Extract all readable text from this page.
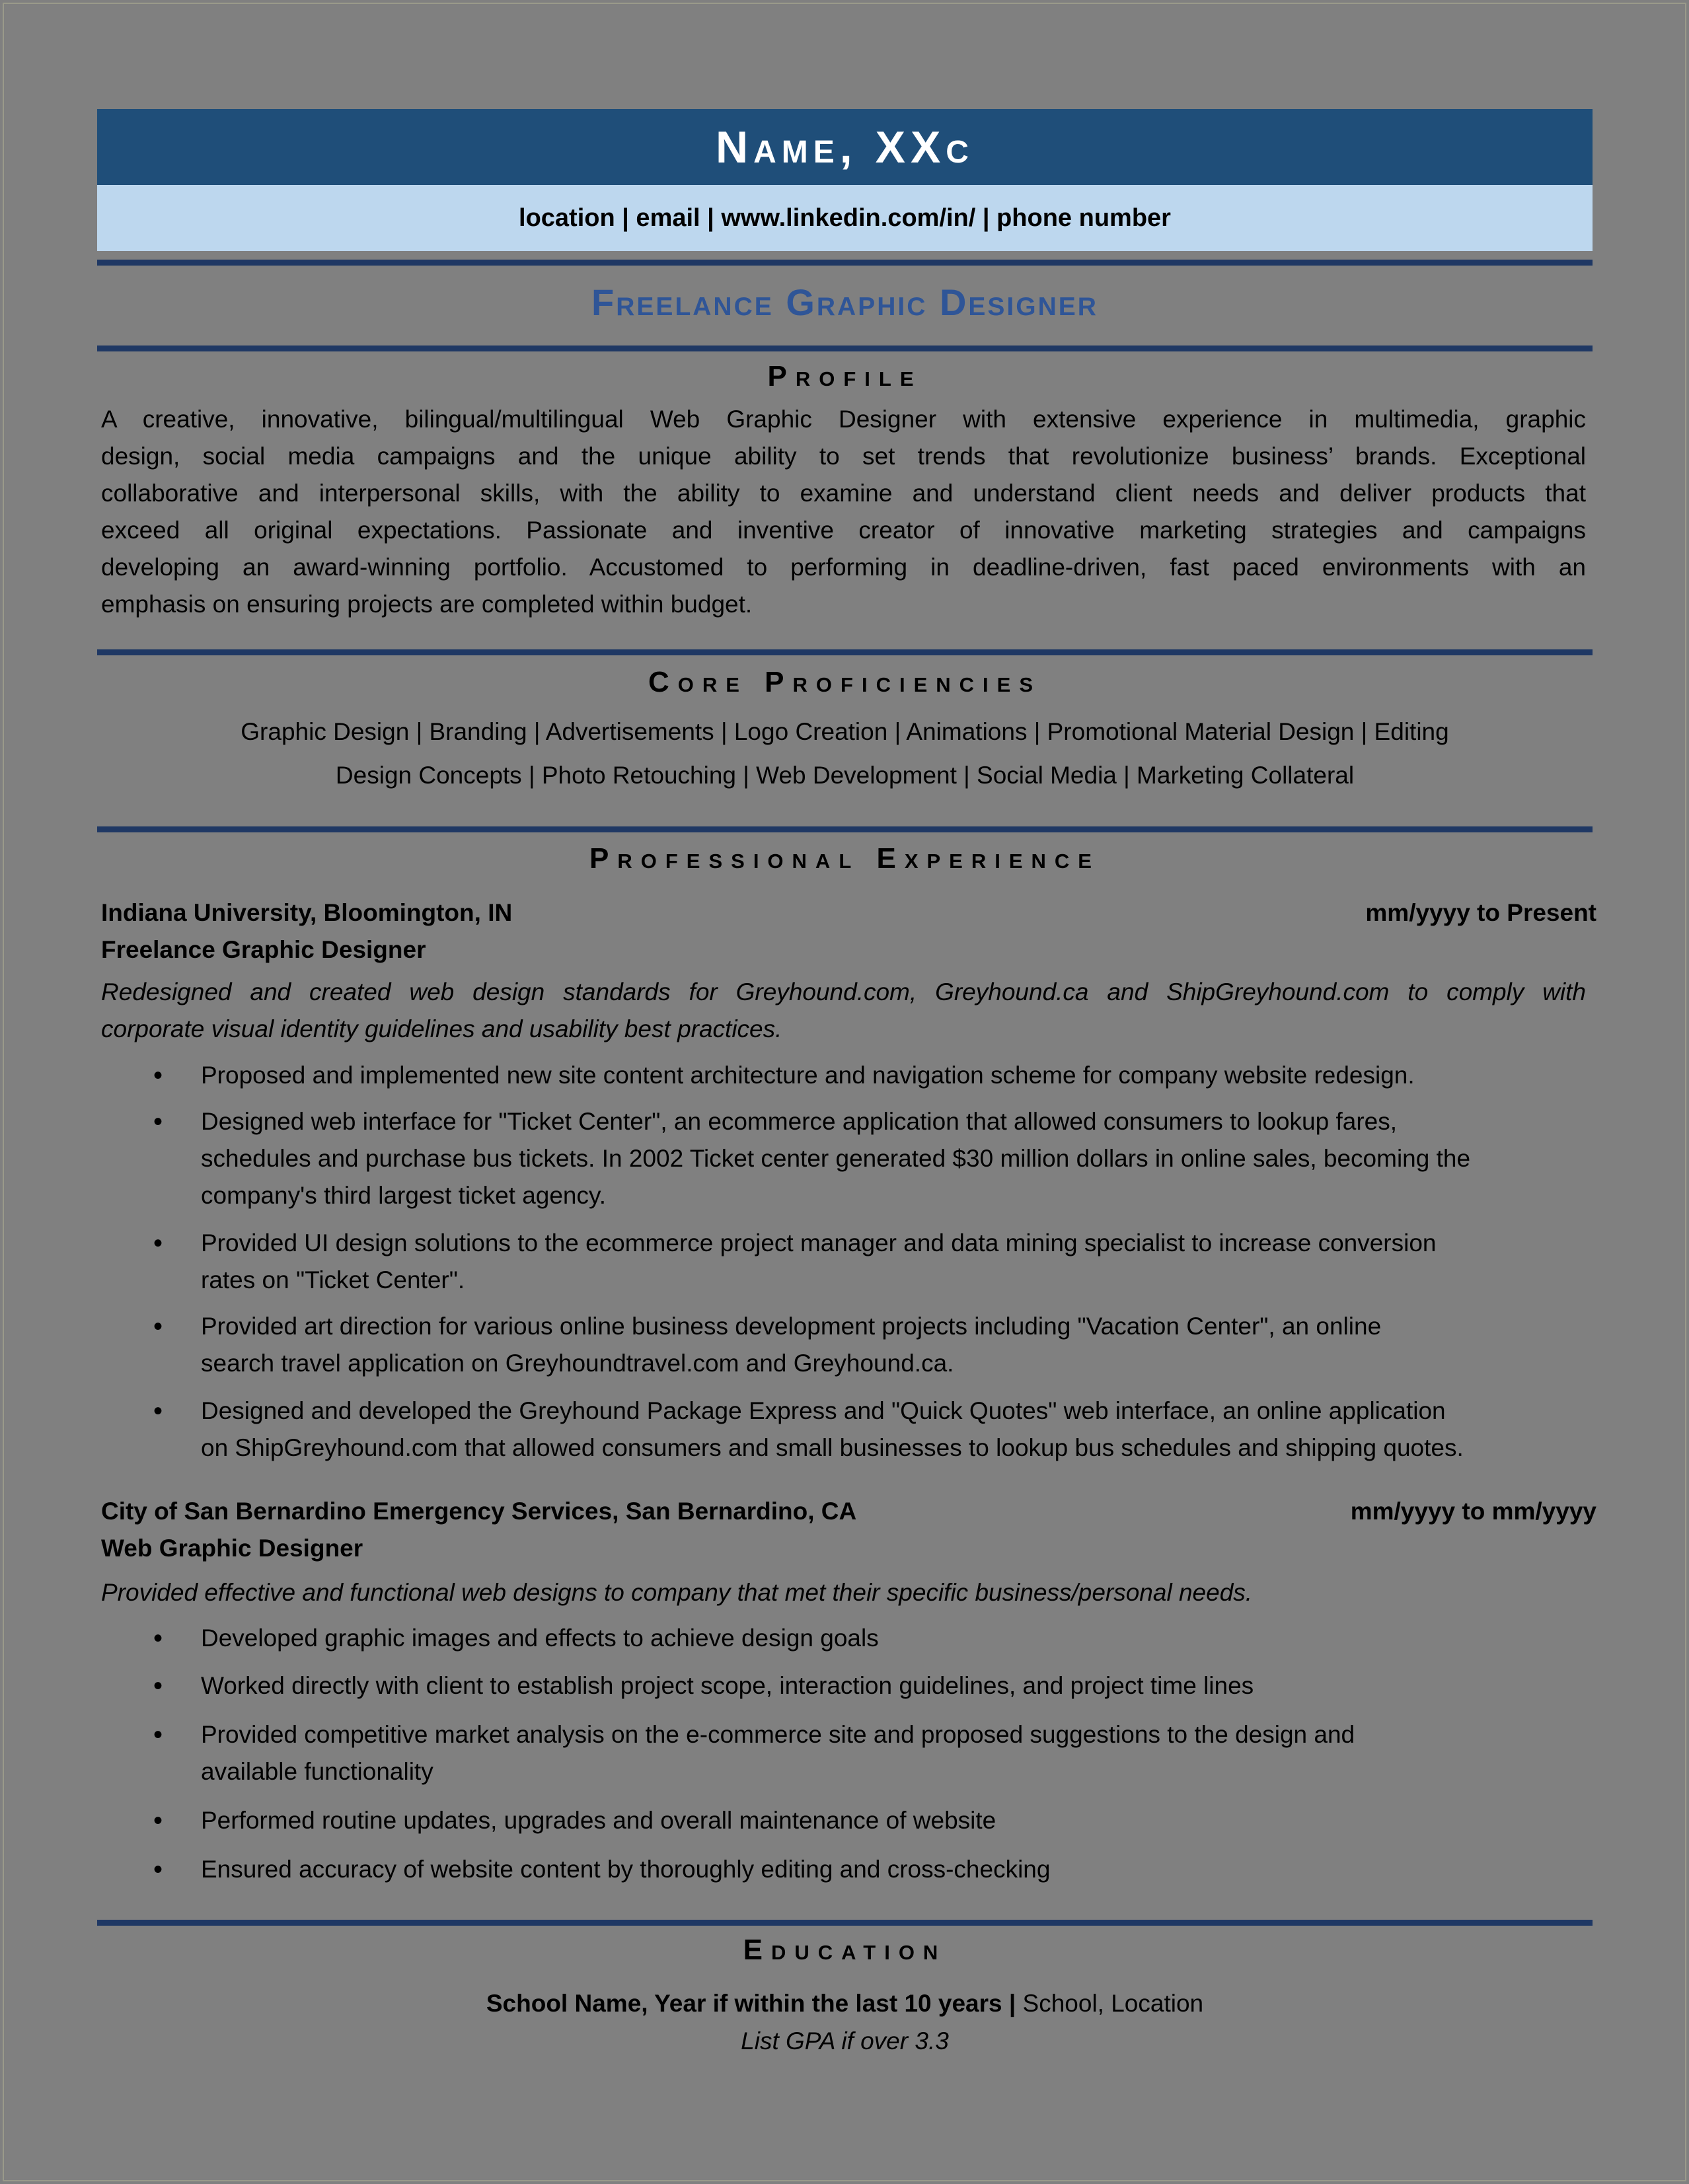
Name, XXc
location | email | www.linkedin.com/in/ | phone number
Freelance Graphic Designer
Profile
A creative, innovative, bilingual/multilingual Web Graphic Designer with extensive experience in multimedia, graphic
design, social media campaigns and the unique ability to set trends that revolutionize business’ brands. Exceptional
collaborative and interpersonal skills, with the ability to examine and understand client needs and deliver products that
exceed all original expectations. Passionate and inventive creator of innovative marketing strategies and campaigns
developing an award-winning portfolio. Accustomed to performing in deadline-driven, fast paced environments with an
emphasis on ensuring projects are completed within budget.
Core Proficiencies
Graphic Design | Branding | Advertisements | Logo Creation | Animations | Promotional Material Design | Editing
Design Concepts | Photo Retouching | Web Development | Social Media | Marketing Collateral
Professional Experience
Indiana University, Bloomington, IN	mm/yyyy to Present
Freelance Graphic Designer
Redesigned and created web design standards for Greyhound.com, Greyhound.ca and ShipGreyhound.com to comply with
corporate visual identity guidelines and usability best practices.
• Proposed and implemented new site content architecture and navigation scheme for company website redesign.
• Designed web interface for "Ticket Center", an ecommerce application that allowed consumers to lookup fares,
schedules and purchase bus tickets. In 2002 Ticket center generated $30 million dollars in online sales, becoming the
company's third largest ticket agency.
• Provided UI design solutions to the ecommerce project manager and data mining specialist to increase conversion
rates on "Ticket Center".
• Provided art direction for various online business development projects including "Vacation Center", an online
search travel application on Greyhoundtravel.com and Greyhound.ca.
• Designed and developed the Greyhound Package Express and "Quick Quotes" web interface, an online application
on ShipGreyhound.com that allowed consumers and small businesses to lookup bus schedules and shipping quotes.
City of San Bernardino Emergency Services, San Bernardino, CA	mm/yyyy to mm/yyyy
Web Graphic Designer
Provided effective and functional web designs to company that met their specific business/personal needs.
• Developed graphic images and effects to achieve design goals
• Worked directly with client to establish project scope, interaction guidelines, and project time lines
• Provided competitive market analysis on the e-commerce site and proposed suggestions to the design and
available functionality
• Performed routine updates, upgrades and overall maintenance of website
• Ensured accuracy of website content by thoroughly editing and cross-checking
Education
School Name, Year if within the last 10 years | School, Location
List GPA if over 3.3
